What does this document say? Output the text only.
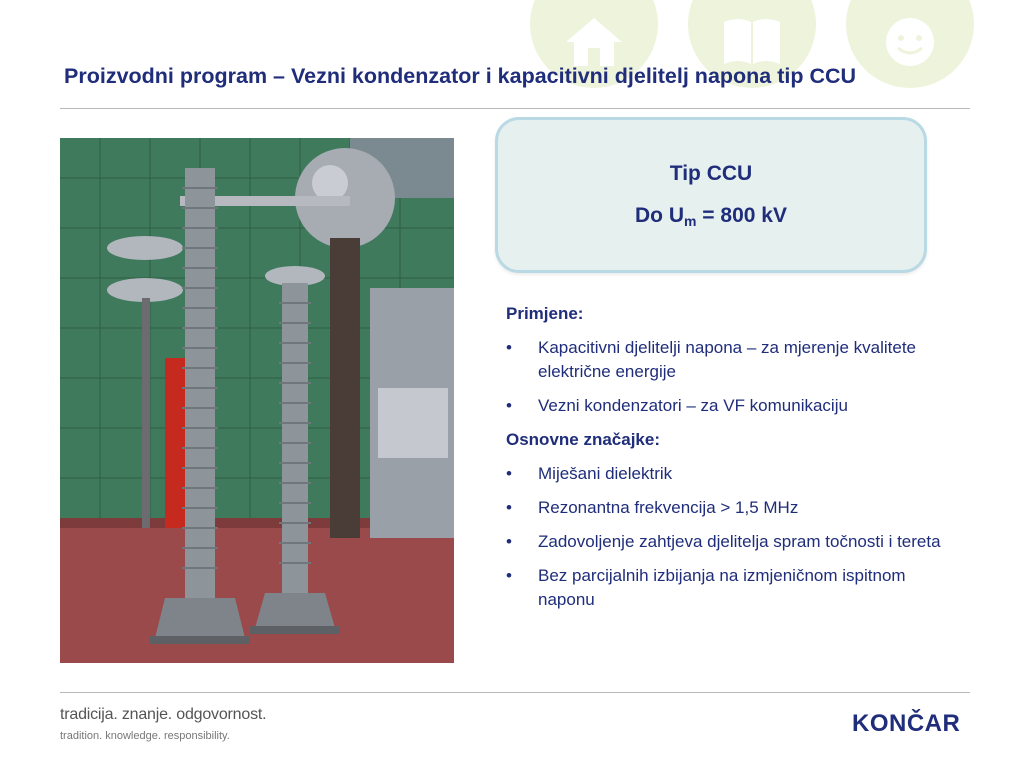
Proizvodni program – Vezni kondenzator i kapacitivni djelitelj napona tip CCU
Tip CCU
Do $U_m = 800$ kV
Primjene:
• Kapacitivni djelitelji napona – za mjerenje kvalitete električne energije
• Vezni kondenzatori – za VF komunikaciju
Osnovne značajke:
• Miješani dielektrik
• Rezonantna frekvencija > 1,5 MHz
• Zadovoljenje zahtjeva djelitelja spram točnosti i tereta
• Bez parcijalnih izbijanja na izmjeničnom ispitnom naponu
tradicija. znanje. odgovornost.
tradition. knowledge. responsibility.	KONČAR
